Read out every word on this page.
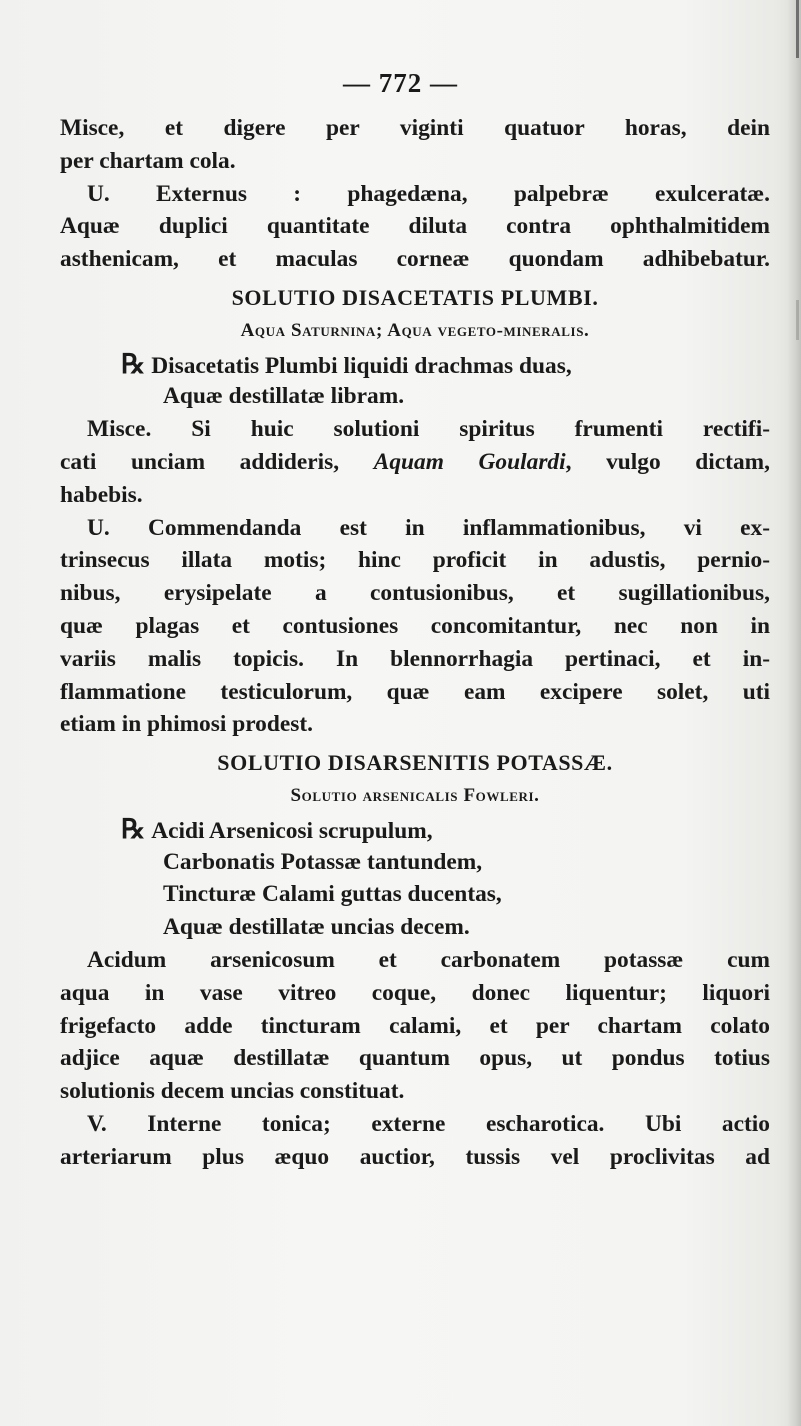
— 772 —
Misce, et digere per viginti quatuor horas, dein
per chartam cola.
U. Externus : phagedæna, palpebræ exulceratæ.
Aquæ duplici quantitate diluta contra ophthalmitidem
asthenicam, et maculas corneæ quondam adhibebatur.
SOLUTIO DISACETATIS PLUMBI.
Aqua Saturnina; Aqua vegeto-mineralis.
℞ Disacetatis Plumbi liquidi drachmas duas,
Aquæ destillatæ libram.
Misce. Si huic solutioni spiritus frumenti rectifi-
cati unciam addideris, Aquam Goulardi, vulgo dictam,
habebis.
U. Commendanda est in inflammationibus, vi ex-
trinsecus illata motis; hinc proficit in adustis, pernio-
nibus, erysipelate a contusionibus, et sugillationibus,
quæ plagas et contusiones concomitantur, nec non in
variis malis topicis. In blennorrhagia pertinaci, et in-
flammatione testiculorum, quæ eam excipere solet, uti
etiam in phimosi prodest.
SOLUTIO DISARSENITIS POTASSÆ.
Solutio arsenicalis Fowleri.
℞ Acidi Arsenicosi scrupulum,
Carbonatis Potassæ tantundem,
Tincturæ Calami guttas ducentas,
Aquæ destillatæ uncias decem.
Acidum arsenicosum et carbonatem potassæ cum
aqua in vase vitreo coque, donec liquentur; liquori
frigefacto adde tincturam calami, et per chartam colato
adjice aquæ destillatæ quantum opus, ut pondus totius
solutionis decem uncias constituat.
V. Interne tonica; externe escharotica. Ubi actio
arteriarum plus æquo auctior, tussis vel proclivitas ad
